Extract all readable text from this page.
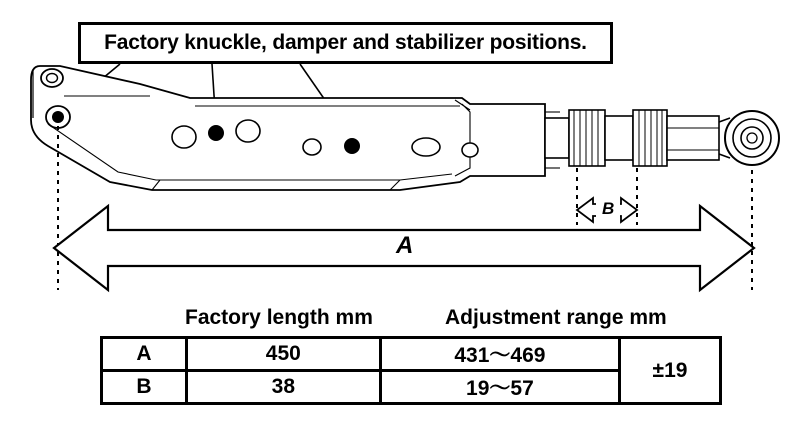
Factory knuckle, damper and stabilizer positions.
A
B
Factory length mm	Adjustment range mm
A	450	431〜469	±19
B	38	19〜57	
